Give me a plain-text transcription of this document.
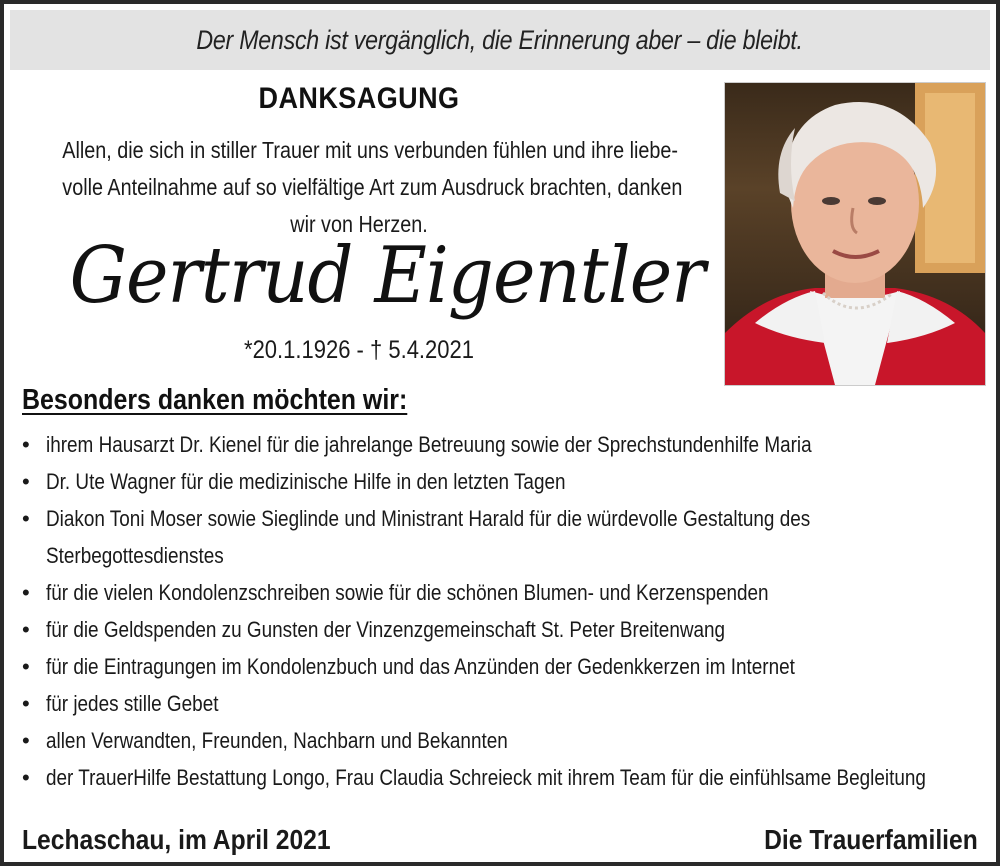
Der Mensch ist vergänglich, die Erinnerung aber – die bleibt.
DANKSAGUNG
Allen, die sich in stiller Trauer mit uns verbunden fühlen und ihre liebe-
volle Anteilnahme auf so vielfältige Art zum Ausdruck brachten, danken
wir von Herzen.
Gertrud Eigentler
*20.1.1926 - † 5.4.2021
Besonders danken möchten wir:
• ihrem Hausarzt Dr. Kienel für die jahrelange Betreuung sowie der Sprechstundenhilfe Maria
• Dr. Ute Wagner für die medizinische Hilfe in den letzten Tagen
• Diakon Toni Moser sowie Sieglinde und Ministrant Harald für die würdevolle Gestaltung des
Sterbegottesdienstes
• für die vielen Kondolenzschreiben sowie für die schönen Blumen- und Kerzenspenden
• für die Geldspenden zu Gunsten der Vinzenzgemeinschaft St. Peter Breitenwang
• für die Eintragungen im Kondolenzbuch und das Anzünden der Gedenkkerzen im Internet
• für jedes stille Gebet
• allen Verwandten, Freunden, Nachbarn und Bekannten
• der TrauerHilfe Bestattung Longo, Frau Claudia Schreieck mit ihrem Team für die einfühlsame Begleitung
Lechaschau, im April 2021	Die Trauerfamilien
